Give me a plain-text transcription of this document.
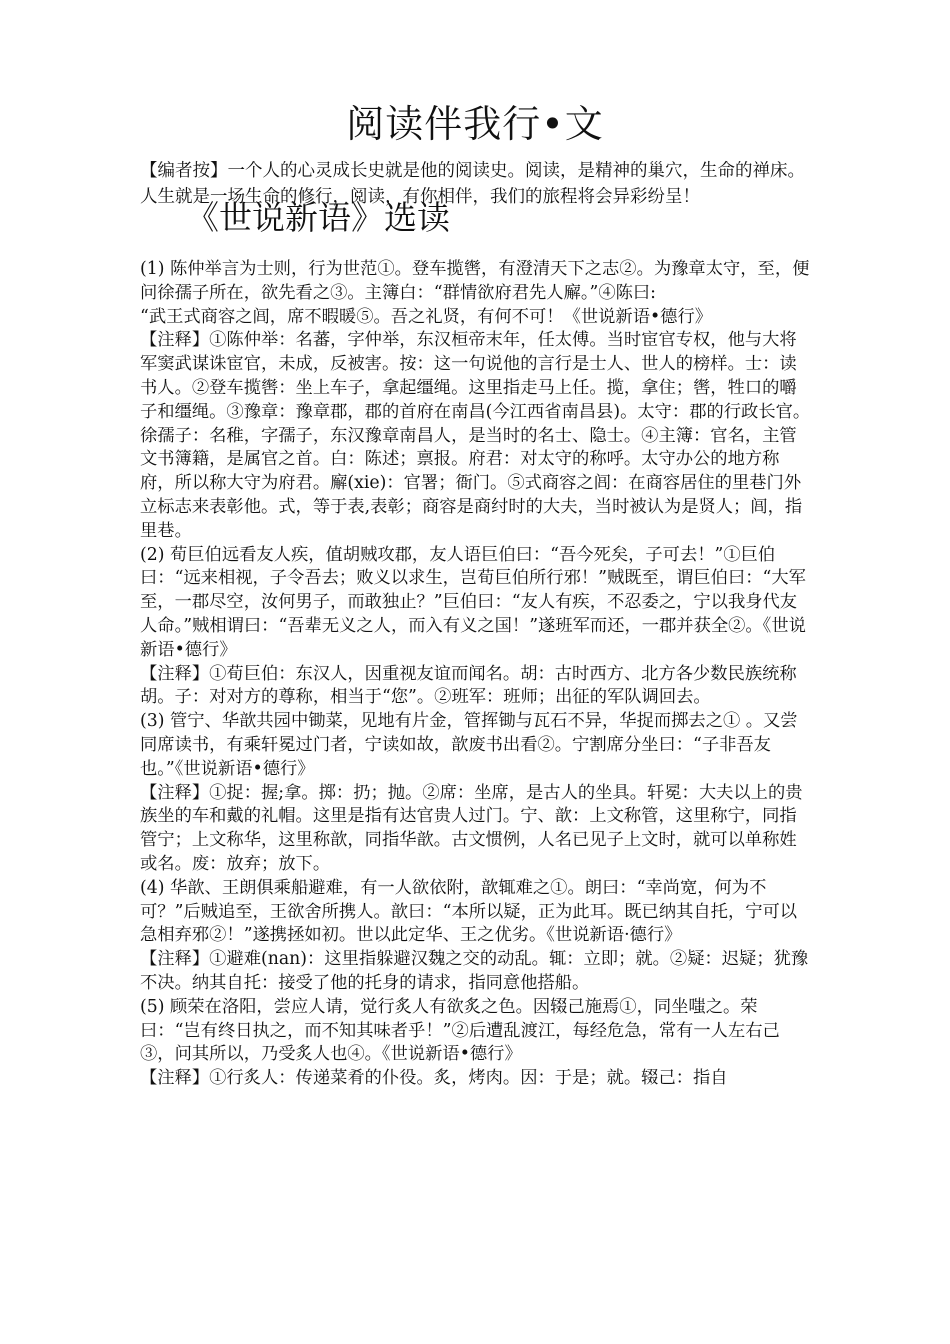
阅读伴我行•文
【编者按】一个人的心灵成长史就是他的阅读史。阅读，是精神的巢穴，生命的禅床。人生就是一场生命的修行，阅读，有你相伴，我们的旅程将会异彩纷呈！
《世说新语》选读

(1) 陈仲举言为士则，行为世范①。登车揽辔，有澄清天下之志②。为豫章太守，至，便问徐孺子所在，欲先看之③。主簿白：“群情欲府君先人廨。”④陈曰:

“武王式商容之闾，席不暇暖⑤。吾之礼贤，有何不可！《世说新语•德行》

【注释】①陈仲举：名蕃，字仲举，东汉桓帝末年，任太傅。当时宦官专权，他与大将军窦武谋诛宦官，未成，反被害。按：这一句说他的言行是士人、世人的榜样。士：读书人。②登车揽辔：坐上车子，拿起缰绳。这里指走马上任。揽，拿住；辔，牲口的嚼子和缰绳。③豫章：豫章郡，郡的首府在南昌(今江西省南昌县)。太守：郡的行政长官。徐孺子：名稚，字孺子，东汉豫章南昌人，是当时的名士、隐士。④主簿：官名，主管文书簿籍，是属官之首。白：陈述；禀报。府君：对太守的称呼。太守办公的地方称府，所以称大守为府君。廨(xie)：官署；衙门。⑤式商容之闾：在商容居住的里巷门外立标志来表彰他。式，等于表,表彰；商容是商纣时的大夫，当时被认为是贤人；闾，指里巷。

(2) 荀巨伯远看友人疾，值胡贼攻郡，友人语巨伯曰：“吾今死矣，子可去！”①巨伯曰：“远来相视，子令吾去；败义以求生，岂荀巨伯所行邪！”贼既至，谓巨伯曰：“大军至，一郡尽空，汝何男子，而敢独止？”巨伯曰：“友人有疾，不忍委之，宁以我身代友人命。”贼相谓曰：“吾辈无义之人，而入有义之国！”遂班军而还，一郡并获全②。《世说新语•德行》

【注释】①荀巨伯：东汉人，因重视友谊而闻名。胡：古时西方、北方各少数民族统称胡。子：对对方的尊称，相当于“您”。②班军：班师；出征的军队调回去。

(3) 管宁、华歆共园中锄菜，见地有片金，管挥锄与瓦石不异，华捉而掷去之① 。又尝同席读书，有乘轩冕过门者，宁读如故，歆废书出看②。宁割席分坐曰：“子非吾友也。”《世说新语•德行》

【注释】①捉：握;拿。掷：扔；抛。②席：坐席，是古人的坐具。轩冕：大夫以上的贵族坐的车和戴的礼帽。这里是指有达官贵人过门。宁、歆：上文称管，这里称宁，同指管宁；上文称华，这里称歆，同指华歆。古文惯例，人名已见子上文时，就可以单称姓或名。废：放弃；放下。

(4) 华歆、王朗俱乘船避难，有一人欲依附，歆辄难之①。朗曰：“幸尚宽，何为不可？”后贼追至，王欲舍所携人。歆曰：“本所以疑，正为此耳。既已纳其自托，宁可以急相弃邪②！”遂携拯如初。世以此定华、王之优劣。《世说新语·德行》

【注释】①避难(nan)：这里指躲避汉魏之交的动乱。辄：立即；就。②疑：迟疑；犹豫不决。纳其自托：接受了他的托身的请求，指同意他搭船。

(5) 顾荣在洛阳，尝应人请，觉行炙人有欲炙之色。因辍己施焉①，同坐嗤之。荣曰：“岂有终日执之，而不知其味者乎！”②后遭乱渡江，每经危急，常有一人左右己③，问其所以，乃受炙人也④。《世说新语•德行》

【注释】①行炙人：传递菜肴的仆役。炙，烤肉。因：于是；就。辍己：指自
